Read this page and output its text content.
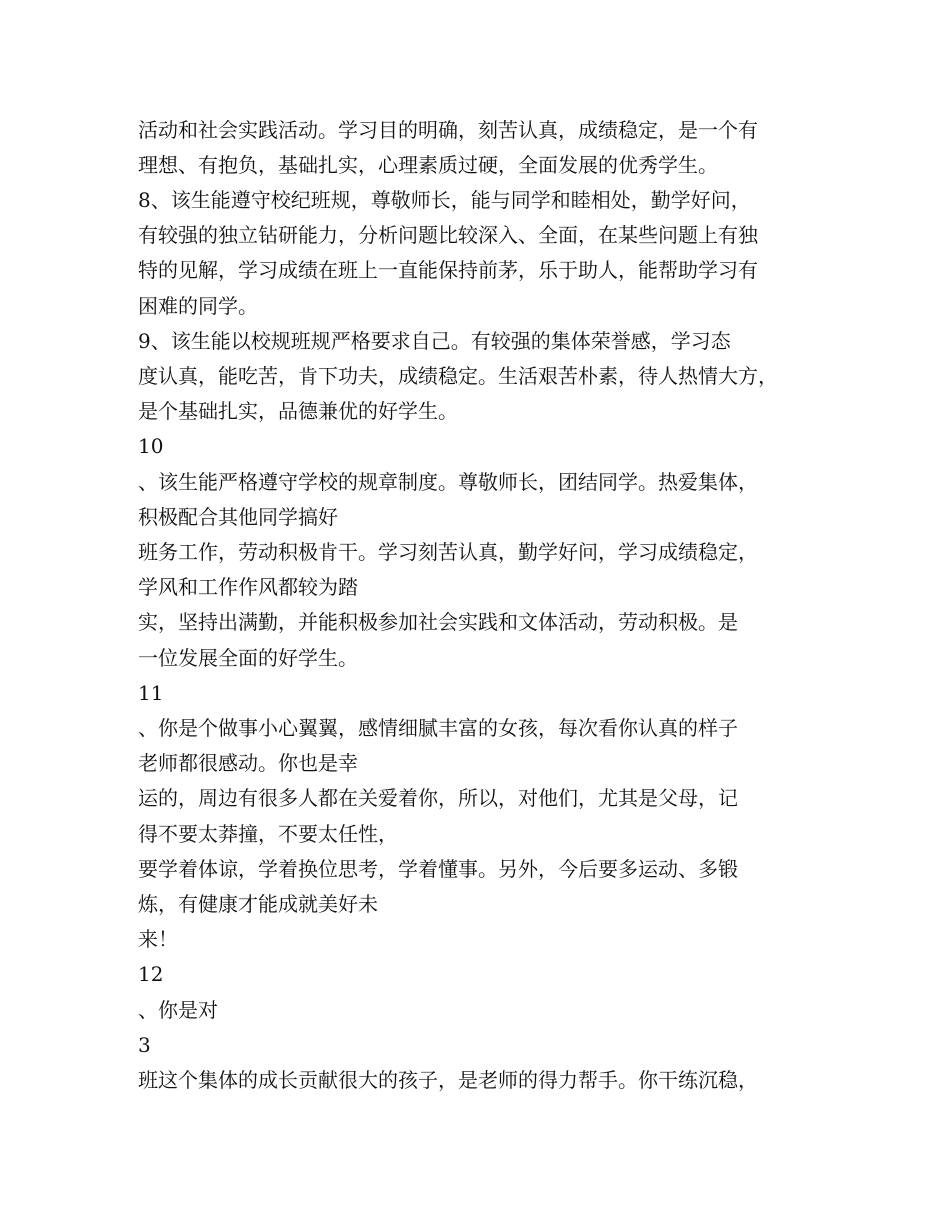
活动和社会实践活动。学习目的明确，刻苦认真，成绩稳定，是一个有
理想、有抱负，基础扎实，心理素质过硬，全面发展的优秀学生。
8、该生能遵守校纪班规，尊敬师长，能与同学和睦相处，勤学好问，
有较强的独立钻研能力，分析问题比较深入、全面，在某些问题上有独
特的见解，学习成绩在班上一直能保持前茅，乐于助人，能帮助学习有
困难的同学。
9、该生能以校规班规严格要求自己。有较强的集体荣誉感，学习态
度认真，能吃苦，肯下功夫，成绩稳定。生活艰苦朴素，待人热情大方，
是个基础扎实，品德兼优的好学生。
10
、该生能严格遵守学校的规章制度。尊敬师长，团结同学。热爱集体，
积极配合其他同学搞好
班务工作，劳动积极肯干。学习刻苦认真，勤学好问，学习成绩稳定，
学风和工作作风都较为踏
实，坚持出满勤，并能积极参加社会实践和文体活动，劳动积极。是
一位发展全面的好学生。
11
、你是个做事小心翼翼，感情细腻丰富的女孩，每次看你认真的样子
老师都很感动。你也是幸
运的，周边有很多人都在关爱着你，所以，对他们，尤其是父母，记
得不要太莽撞，不要太任性，
要学着体谅，学着换位思考，学着懂事。另外，今后要多运动、多锻
炼，有健康才能成就美好未
来！
12
、你是对
3
班这个集体的成长贡献很大的孩子，是老师的得力帮手。你干练沉稳，
